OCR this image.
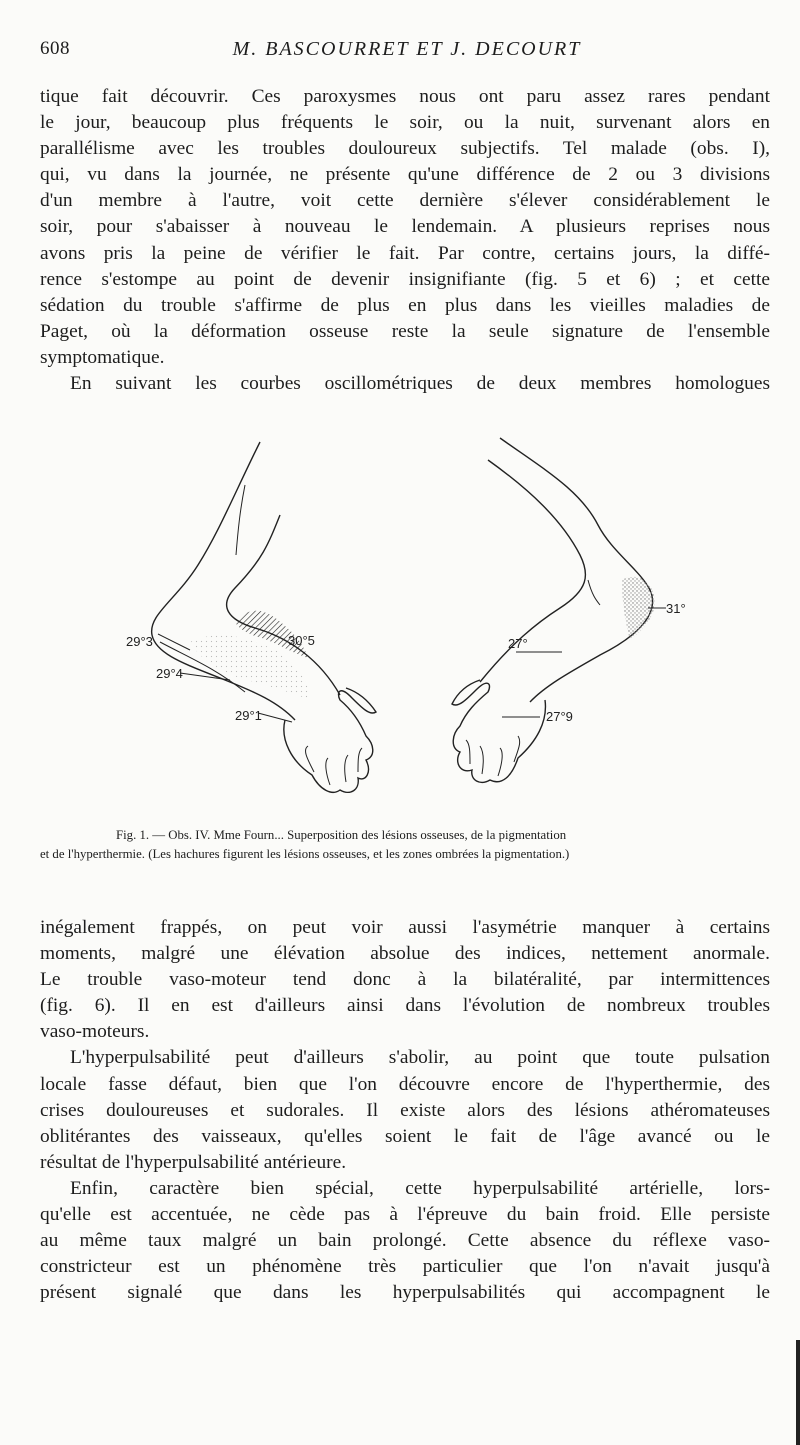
608	M. BASCOURRET ET J. DECOURT
tique fait découvrir. Ces paroxysmes nous ont paru assez rares pendant
le jour, beaucoup plus fréquents le soir, ou la nuit, survenant alors en
parallélisme avec les troubles douloureux subjectifs. Tel malade (obs. I),
qui, vu dans la journée, ne présente qu'une différence de 2 ou 3 divisions
d'un membre à l'autre, voit cette dernière s'élever considérablement le
soir, pour s'abaisser à nouveau le lendemain. A plusieurs reprises nous
avons pris la peine de vérifier le fait. Par contre, certains jours, la diffé-
rence s'estompe au point de devenir insignifiante (fig. 5 et 6) ; et cette
sédation du trouble s'affirme de plus en plus dans les vieilles maladies de
Paget, où la déformation osseuse reste la seule signature de l'ensemble
symptomatique.
En suivant les courbes oscillométriques de deux membres homologues
29°3
29°4
29°1
30°5	27°
27°9
31°
Fig. 1. — Obs. IV. Mme Fourn... Superposition des lésions osseuses, de la pigmentation
et de l'hyperthermie. (Les hachures figurent les lésions osseuses, et les zones ombrées la pigmentation.)
inégalement frappés, on peut voir aussi l'asymétrie manquer à certains
moments, malgré une élévation absolue des indices, nettement anormale.
Le trouble vaso-moteur tend donc à la bilatéralité, par intermittences
(fig. 6). Il en est d'ailleurs ainsi dans l'évolution de nombreux troubles
vaso-moteurs.
L'hyperpulsabilité peut d'ailleurs s'abolir, au point que toute pulsation
locale fasse défaut, bien que l'on découvre encore de l'hyperthermie, des
crises douloureuses et sudorales. Il existe alors des lésions athéromateuses
oblitérantes des vaisseaux, qu'elles soient le fait de l'âge avancé ou le
résultat de l'hyperpulsabilité antérieure.
Enfin, caractère bien spécial, cette hyperpulsabilité artérielle, lors-
qu'elle est accentuée, ne cède pas à l'épreuve du bain froid. Elle persiste
au même taux malgré un bain prolongé. Cette absence du réflexe vaso-
constricteur est un phénomène très particulier que l'on n'avait jusqu'à
présent signalé que dans les hyperpulsabilités qui accompagnent le
